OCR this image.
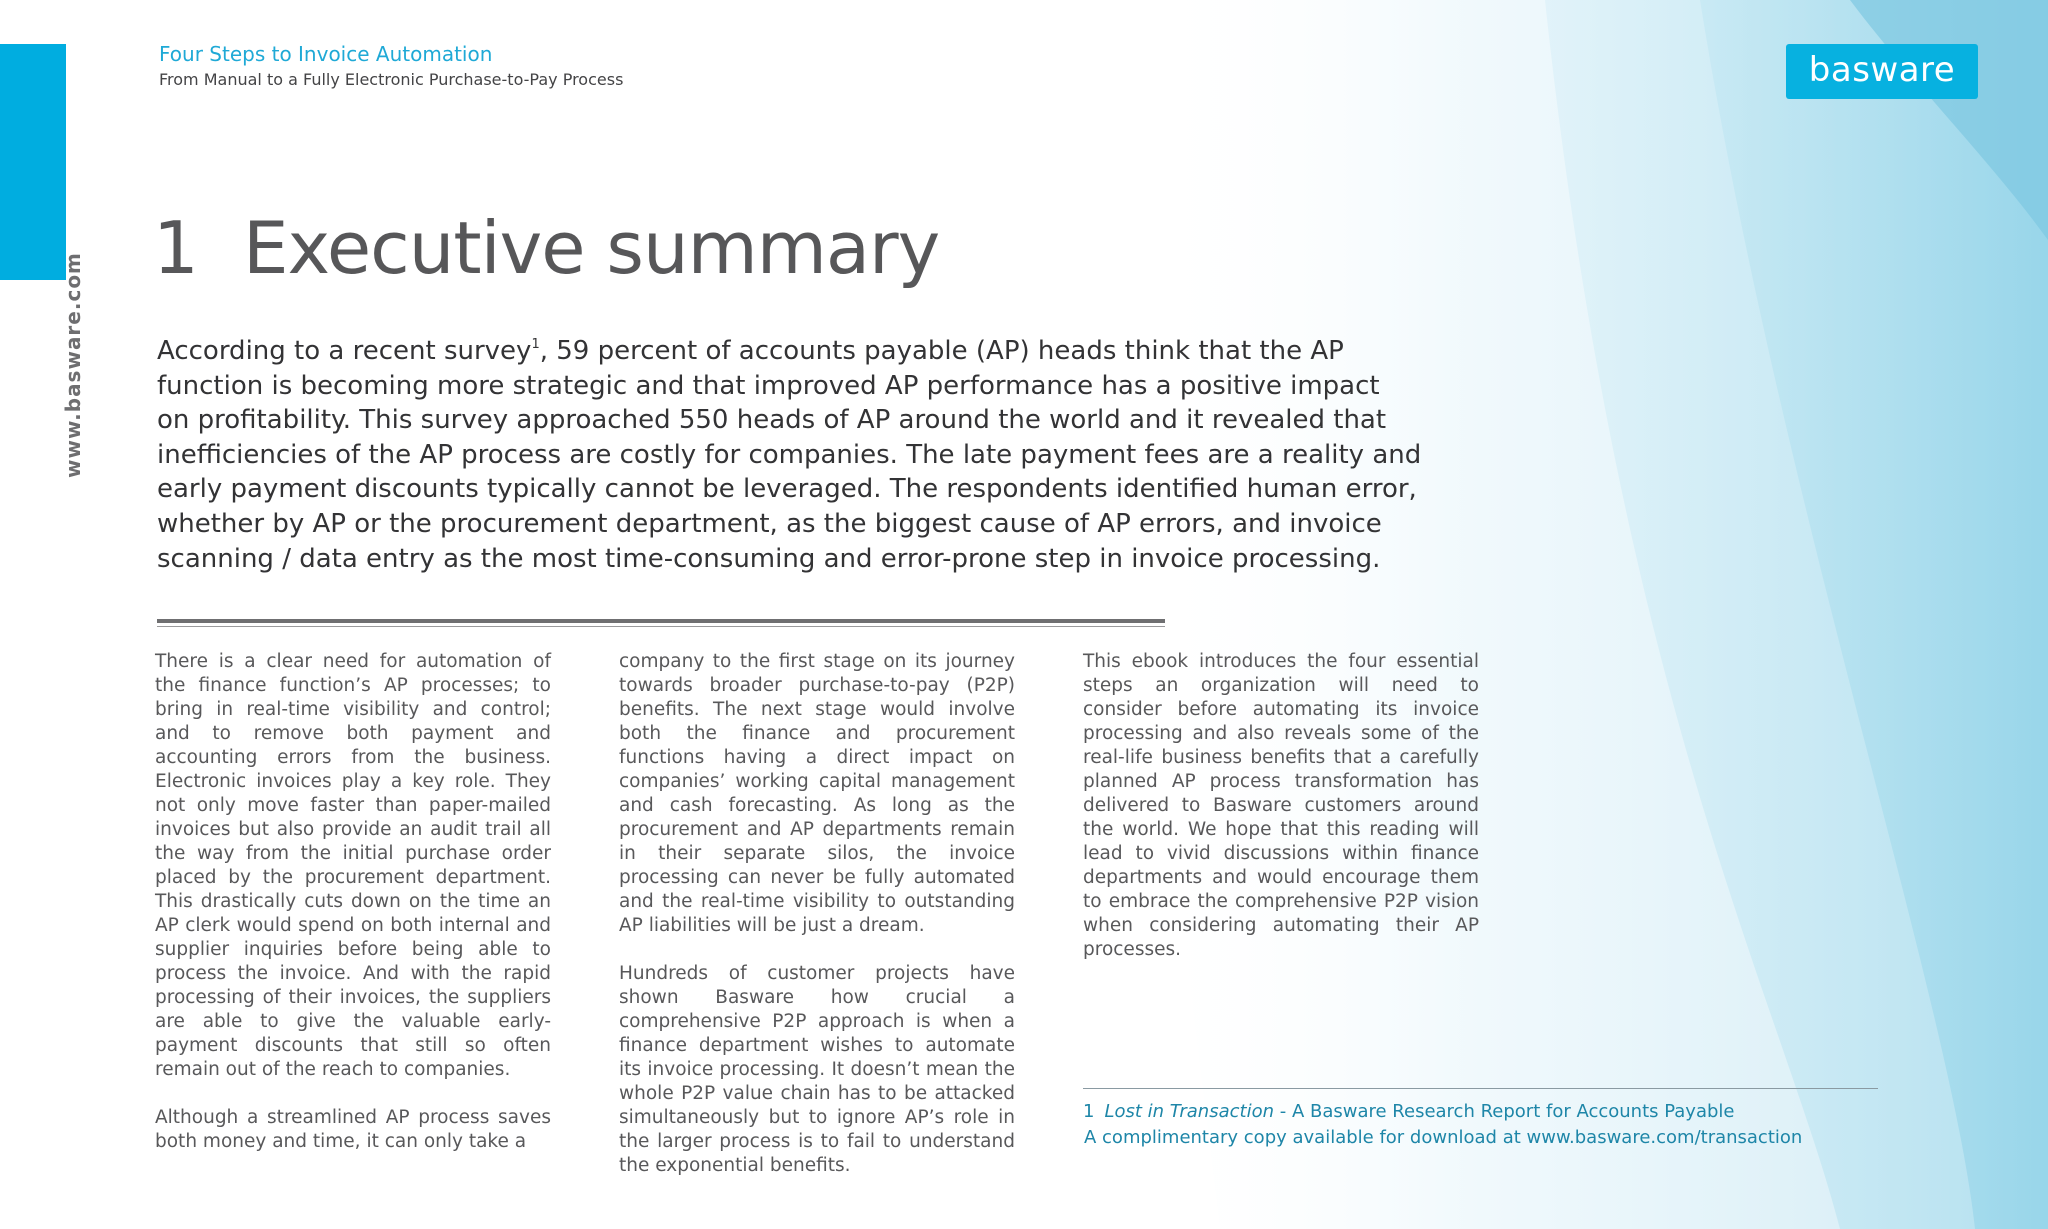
www.basware.com
Four Steps to Invoice Automation
From Manual to a Fully Electronic Purchase-to-Pay Process	basware
1 Executive summary

According to a recent survey$^1$, 59 percent of accounts payable (AP) heads think that the AP

function is becoming more strategic and that improved AP performance has a positive impact

on profitability. This survey approached 550 heads of AP around the world and it revealed that

inefficiencies of the AP process are costly for companies. The late payment fees are a reality and

early payment discounts typically cannot be leveraged. The respondents identified human error,

whether by AP or the procurement department, as the biggest cause of AP errors, and invoice

scanning / data entry as the most time-consuming and error-prone step in invoice processing.

There is a clear need for automation of the finance function’s AP processes; to bring in real-time visibility and control; and to remove both payment and accounting errors from the business. Electronic invoices play a key role. They not only move faster than paper-mailed invoices but also provide an audit trail all the way from the initial purchase order placed by the procurement department. This drastically cuts down on the time an AP clerk would spend on both internal and supplier inquiries before being able to process the invoice. And with the rapid processing of their invoices, the suppliers are able to give the valuable early-payment discounts that still so often remain out of the reach to companies.

Although a streamlined AP process saves both money and time, it can only take a

company to the first stage on its journey towards broader purchase-to-pay (P2P) benefits. The next stage would involve both the finance and procurement functions having a direct impact on companies’ working capital management and cash forecasting. As long as the procurement and AP departments remain in their separate silos, the invoice processing can never be fully automated and the real-time visibility to outstanding AP liabilities will be just a dream.

Hundreds of customer projects have shown Basware how crucial a comprehensive P2P approach is when a finance department wishes to automate its invoice processing. It doesn’t mean the whole P2P value chain has to be attacked simultaneously but to ignore AP’s role in the larger process is to fail to understand the exponential benefits.

This ebook introduces the four essential steps an organization will need to consider before automating its invoice processing and also reveals some of the real-life business benefits that a carefully planned AP process transformation has delivered to Basware customers around the world. We hope that this reading will lead to vivid discussions within finance departments and would encourage them to embrace the comprehensive P2P vision when considering automating their AP processes.

1 Lost in Transaction - A Basware Research Report for Accounts Payable
A complimentary copy available for download at www.basware.com/transaction
